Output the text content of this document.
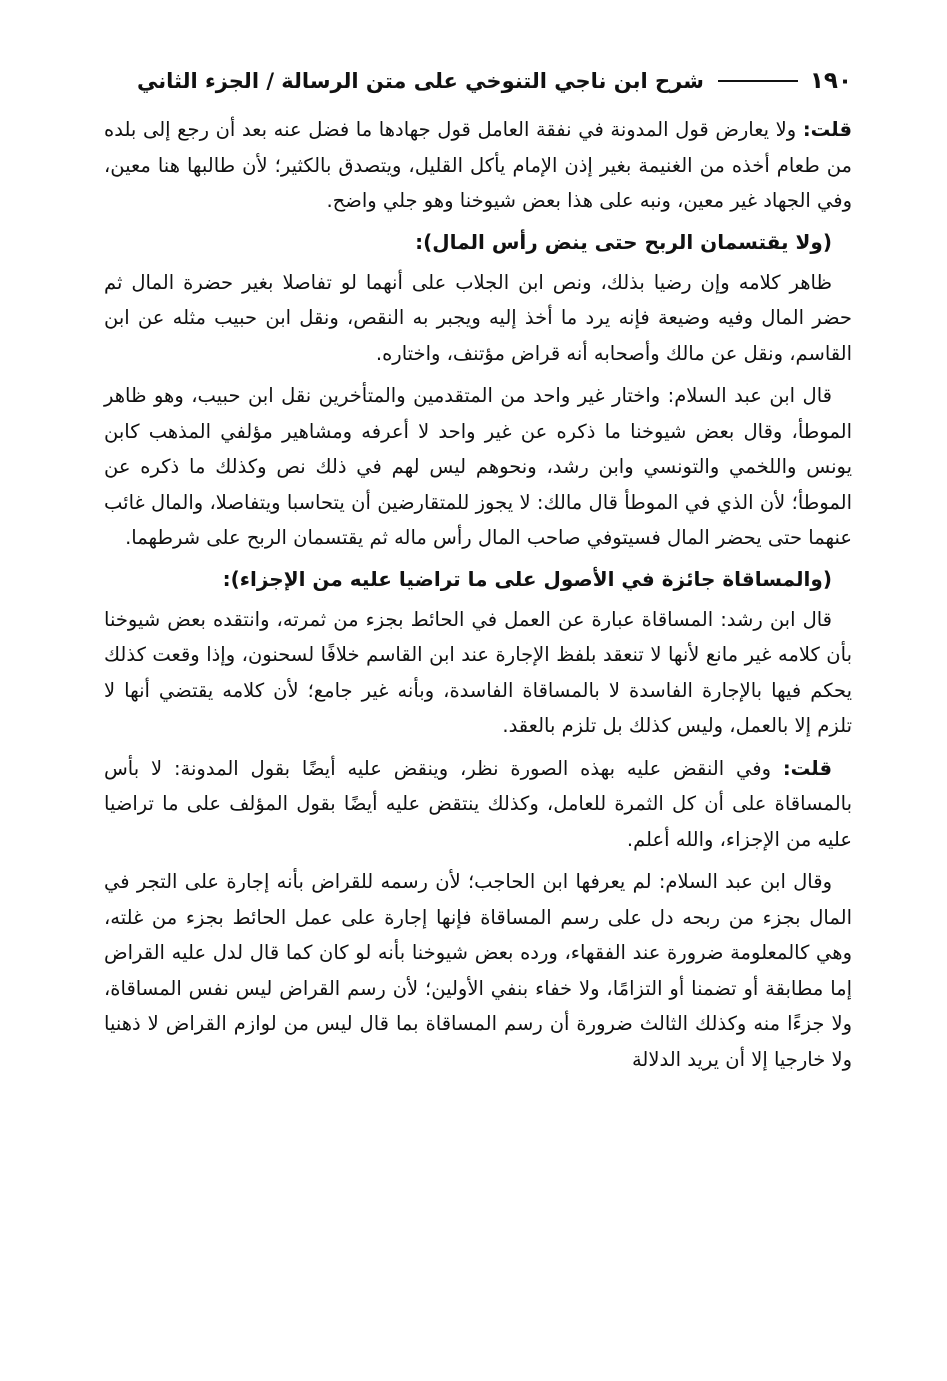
١٩٠
شرح ابن ناجي التنوخي على متن الرسالة / الجزء الثاني

قلت: ولا يعارض قول المدونة في نفقة العامل قول جهادها ما فضل عنه بعد أن رجع إلى بلده من طعام أخذه من الغنيمة بغير إذن الإمام يأكل القليل، ويتصدق بالكثير؛ لأن طالبها هنا معين، وفي الجهاد غير معين، ونبه على هذا بعض شيوخنا وهو جلي واضح.

(ولا يقتسمان الربح حتى ينض رأس المال):

ظاهر كلامه وإن رضيا بذلك، ونص ابن الجلاب على أنهما لو تفاصلا بغير حضرة المال ثم حضر المال وفيه وضيعة فإنه يرد ما أخذ إليه ويجبر به النقص، ونقل ابن حبيب مثله عن ابن القاسم، ونقل عن مالك وأصحابه أنه قراض مؤتنف، واختاره.

قال ابن عبد السلام: واختار غير واحد من المتقدمين والمتأخرين نقل ابن حبيب، وهو ظاهر الموطأ، وقال بعض شيوخنا ما ذكره عن غير واحد لا أعرفه ومشاهير مؤلفي المذهب كابن يونس واللخمي والتونسي وابن رشد، ونحوهم ليس لهم في ذلك نص وكذلك ما ذكره عن الموطأ؛ لأن الذي في الموطأ قال مالك: لا يجوز للمتقارضين أن يتحاسبا ويتفاصلا، والمال غائب عنهما حتى يحضر المال فسيتوفي صاحب المال رأس ماله ثم يقتسمان الربح على شرطهما.

(والمساقاة جائزة في الأصول على ما تراضيا عليه من الإجزاء):

قال ابن رشد: المساقاة عبارة عن العمل في الحائط بجزء من ثمرته، وانتقده بعض شيوخنا بأن كلامه غير مانع لأنها لا تنعقد بلفظ الإجارة عند ابن القاسم خلافًا لسحنون، وإذا وقعت كذلك يحكم فيها بالإجارة الفاسدة لا بالمساقاة الفاسدة، وبأنه غير جامع؛ لأن كلامه يقتضي أنها لا تلزم إلا بالعمل، وليس كذلك بل تلزم بالعقد.

قلت: وفي النقض عليه بهذه الصورة نظر، وينقض عليه أيضًا بقول المدونة: لا بأس بالمساقاة على أن كل الثمرة للعامل، وكذلك ينتقض عليه أيضًا بقول المؤلف على ما تراضيا عليه من الإجزاء، والله أعلم.

وقال ابن عبد السلام: لم يعرفها ابن الحاجب؛ لأن رسمه للقراض بأنه إجارة على التجر في المال بجزء من ربحه دل على رسم المساقاة فإنها إجارة على عمل الحائط بجزء من غلته، وهي كالمعلومة ضرورة عند الفقهاء، ورده بعض شيوخنا بأنه لو كان كما قال لدل عليه القراض إما مطابقة أو تضمنا أو التزامًا، ولا خفاء بنفي الأولين؛ لأن رسم القراض ليس نفس المساقاة، ولا جزءًا منه وكذلك الثالث ضرورة أن رسم المساقاة بما قال ليس من لوازم القراض لا ذهنيا ولا خارجيا إلا أن يريد الدلالة
